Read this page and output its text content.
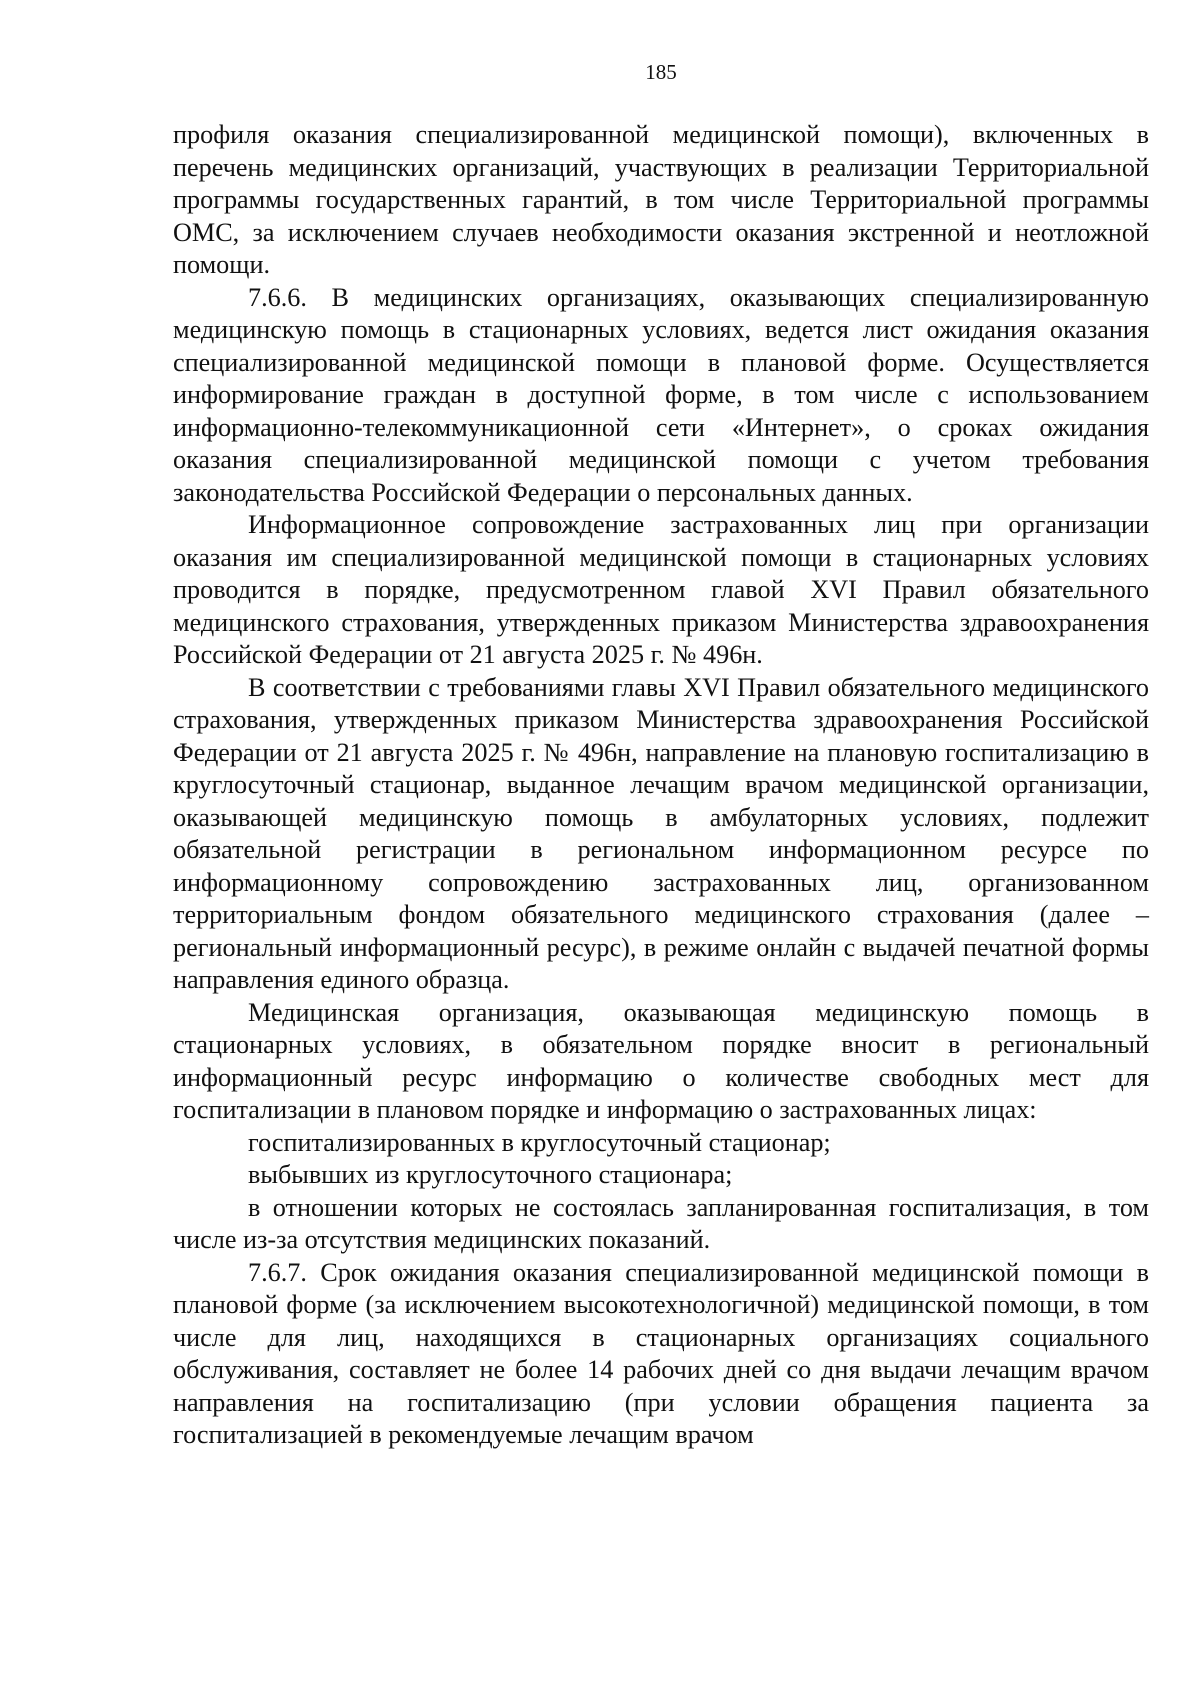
185

профиля оказания специализированной медицинской помощи), включенных в перечень медицинских организаций, участвующих в реализации Территориальной программы государственных гарантий, в том числе Территориальной программы ОМС, за исключением случаев необходимости оказания экстренной и неотложной помощи.

7.6.6. В медицинских организациях, оказывающих специализированную медицинскую помощь в стационарных условиях, ведется лист ожидания оказания специализированной медицинской помощи в плановой форме. Осуществляется информирование граждан в доступной форме, в том числе с использованием информационно-телекоммуникационной сети «Интернет», о сроках ожидания оказания специализированной медицинской помощи с учетом требования законодательства Российской Федерации о персональных данных.

Информационное сопровождение застрахованных лиц при организации оказания им специализированной медицинской помощи в стационарных условиях проводится в порядке, предусмотренном главой XVI Правил обязательного медицинского страхования, утвержденных приказом Министерства здравоохранения Российской Федерации от 21 августа 2025 г. № 496н.

В соответствии с требованиями главы XVI Правил обязательного медицинского страхования, утвержденных приказом Министерства здравоохранения Российской Федерации от 21 августа 2025 г. № 496н, направление на плановую госпитализацию в круглосуточный стационар, выданное лечащим врачом медицинской организации, оказывающей медицинскую помощь в амбулаторных условиях, подлежит обязательной регистрации в региональном информационном ресурсе по информационному сопровождению застрахованных лиц, организованном территориальным фондом обязательного медицинского страхования (далее – региональный информационный ресурс), в режиме онлайн с выдачей печатной формы направления единого образца.

Медицинская организация, оказывающая медицинскую помощь в стационарных условиях, в обязательном порядке вносит в региональный информационный ресурс информацию о количестве свободных мест для госпитализации в плановом порядке и информацию о застрахованных лицах:

госпитализированных в круглосуточный стационар;

выбывших из круглосуточного стационара;

в отношении которых не состоялась запланированная госпитализация, в том числе из-за отсутствия медицинских показаний.

7.6.7. Срок ожидания оказания специализированной медицинской помощи в плановой форме (за исключением высокотехнологичной) медицинской помощи, в том числе для лиц, находящихся в стационарных организациях социального обслуживания, составляет не более 14 рабочих дней со дня выдачи лечащим врачом направления на госпитализацию (при условии обращения пациента за госпитализацией в рекомендуемые лечащим врачом
